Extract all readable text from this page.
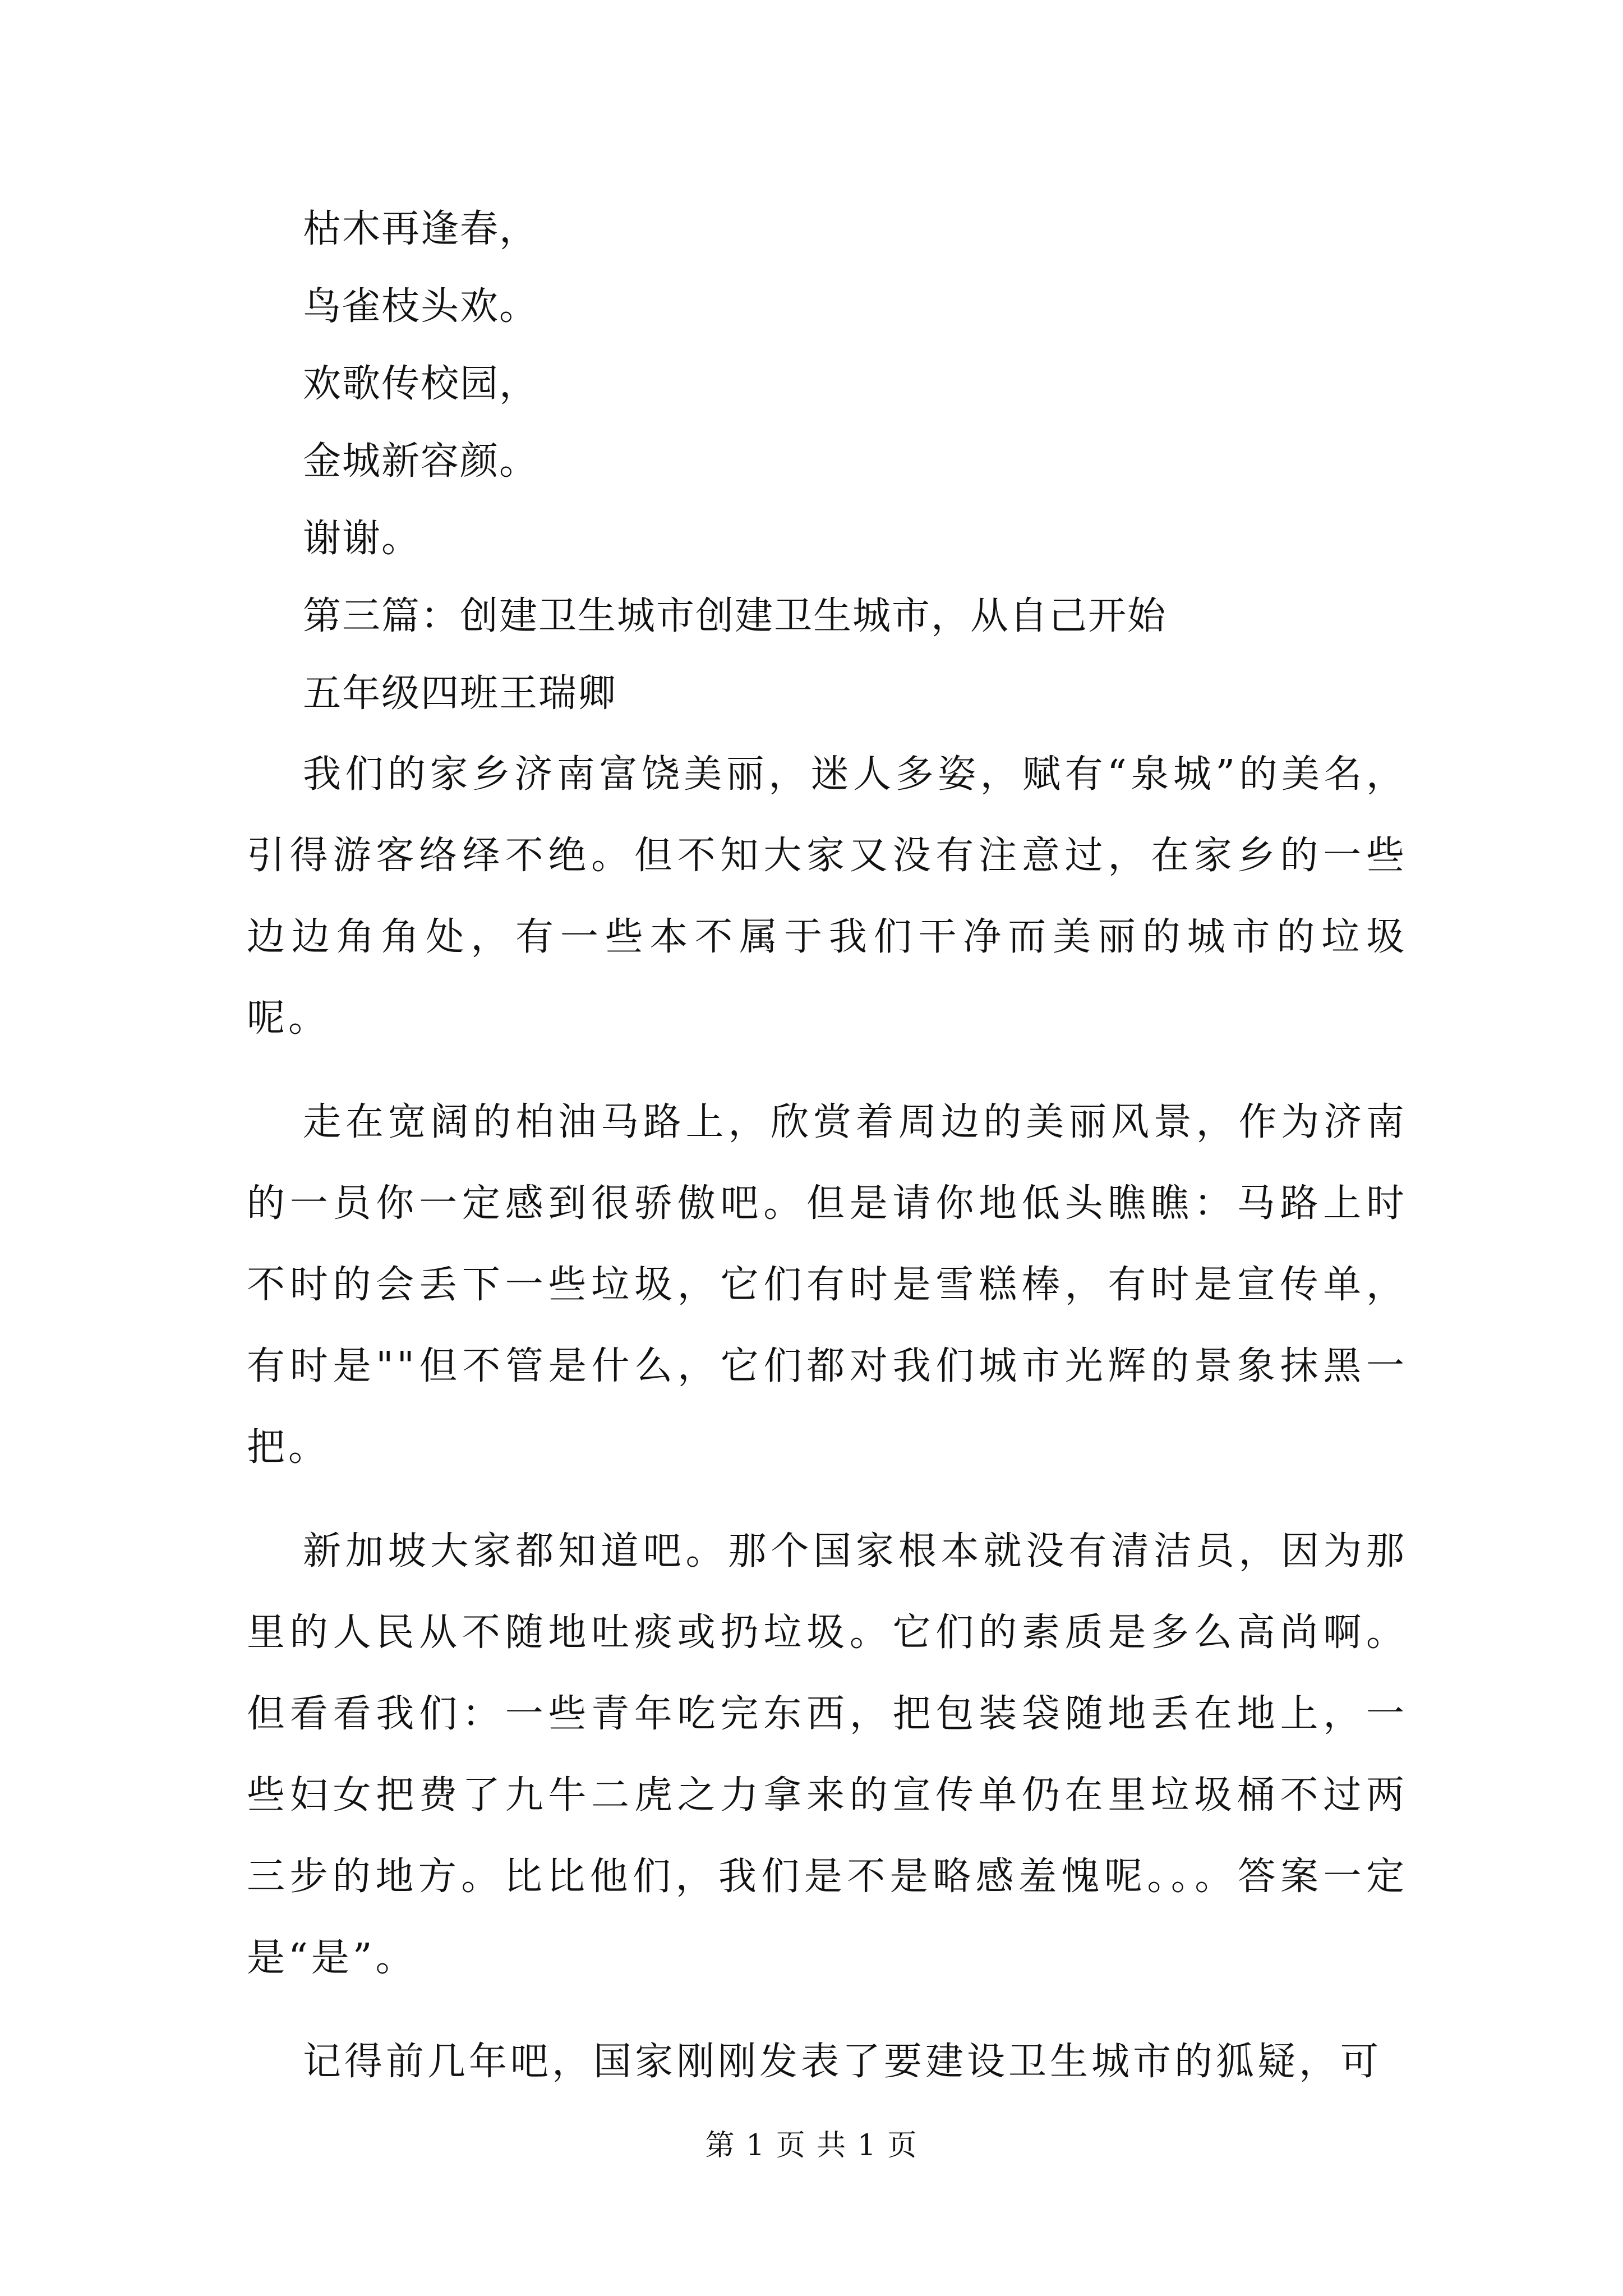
枯木再逢春，

鸟雀枝头欢。

欢歌传校园，

金城新容颜。

谢谢。

第三篇：创建卫生城市创建卫生城市，从自己开始

五年级四班王瑞卿

我们的家乡济南富饶美丽，迷人多姿，赋有“泉城”的美名，引得游客络绎不绝。但不知大家又没有注意过，在家乡的一些边边角角处，有一些本不属于我们干净而美丽的城市的垃圾呢。

走在宽阔的柏油马路上，欣赏着周边的美丽风景，作为济南的一员你一定感到很骄傲吧。但是请你地低头瞧瞧：马路上时不时的会丢下一些垃圾，它们有时是雪糕棒，有时是宣传单，有时是""但不管是什么，它们都对我们城市光辉的景象抹黑一把。

新加坡大家都知道吧。那个国家根本就没有清洁员，因为那里的人民从不随地吐痰或扔垃圾。它们的素质是多么高尚啊。但看看我们：一些青年吃完东西，把包装袋随地丢在地上，一些妇女把费了九牛二虎之力拿来的宣传单仍在里垃圾桶不过两三步的地方。比比他们，我们是不是略感羞愧呢。。。答案一定是“是”。

记得前几年吧，国家刚刚发表了要建设卫生城市的狐疑，可

第 1 页 共 1 页
